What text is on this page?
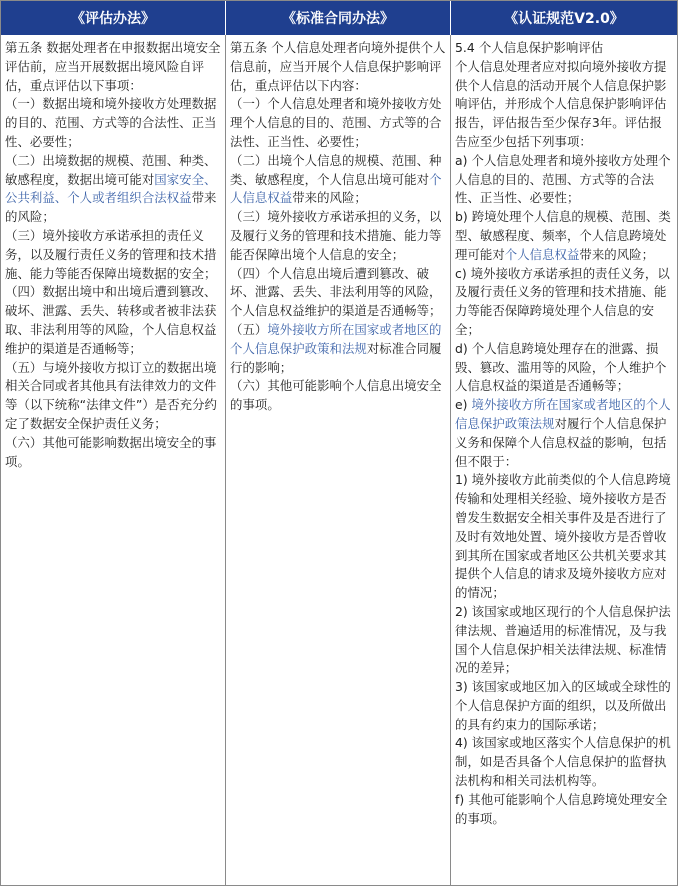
《评估办法》	《标准合同办法》	《认证规范V2.0》

第五条 数据处理者在申报数据出境安全评估前，应当开展数据出境风险自评估，重点评估以下事项：

（一）数据出境和境外接收方处理数据的目的、范围、方式等的合法性、正当性、必要性；

（二）出境数据的规模、范围、种类、敏感程度，数据出境可能对国家安全、公共利益、个人或者组织合法权益带来的风险；

（三）境外接收方承诺承担的责任义务，以及履行责任义务的管理和技术措施、能力等能否保障出境数据的安全；

（四）数据出境中和出境后遭到篡改、破坏、泄露、丢失、转移或者被非法获取、非法利用等的风险，个人信息权益维护的渠道是否通畅等；

（五）与境外接收方拟订立的数据出境相关合同或者其他具有法律效力的文件等（以下统称“法律文件”）是否充分约定了数据安全保护责任义务；

（六）其他可能影响数据出境安全的事项。

第五条 个人信息处理者向境外提供个人信息前，应当开展个人信息保护影响评估，重点评估以下内容：

（一）个人信息处理者和境外接收方处理个人信息的目的、范围、方式等的合法性、正当性、必要性；

（二）出境个人信息的规模、范围、种类、敏感程度，个人信息出境可能对个人信息权益带来的风险；

（三）境外接收方承诺承担的义务，以及履行义务的管理和技术措施、能力等能否保障出境个人信息的安全；

（四）个人信息出境后遭到篡改、破坏、泄露、丢失、非法利用等的风险，个人信息权益维护的渠道是否通畅等；

（五）境外接收方所在国家或者地区的个人信息保护政策和法规对标准合同履行的影响；

（六）其他可能影响个人信息出境安全的事项。

5.4 个人信息保护影响评估

个人信息处理者应对拟向境外接收方提供个人信息的活动开展个人信息保护影响评估，并形成个人信息保护影响评估报告，评估报告至少保存3年。评估报告应至少包括下列事项：

a) 个人信息处理者和境外接收方处理个人信息的目的、范围、方式等的合法性、正当性、必要性；

b) 跨境处理个人信息的规模、范围、类型、敏感程度、频率，个人信息跨境处理可能对个人信息权益带来的风险；

c) 境外接收方承诺承担的责任义务，以及履行责任义务的管理和技术措施、能力等能否保障跨境处理个人信息的安全；

d) 个人信息跨境处理存在的泄露、损毁、篡改、滥用等的风险，个人维护个人信息权益的渠道是否通畅等；

e) 境外接收方所在国家或者地区的个人信息保护政策法规对履行个人信息保护义务和保障个人信息权益的影响，包括但不限于：

1) 境外接收方此前类似的个人信息跨境传输和处理相关经验、境外接收方是否曾发生数据安全相关事件及是否进行了及时有效地处置、境外接收方是否曾收到其所在国家或者地区公共机关要求其提供个人信息的请求及境外接收方应对的情况；

2) 该国家或地区现行的个人信息保护法律法规、普遍适用的标准情况，及与我国个人信息保护相关法律法规、标准情况的差异；

3) 该国家或地区加入的区域或全球性的个人信息保护方面的组织，以及所做出的具有约束力的国际承诺；

4) 该国家或地区落实个人信息保护的机制，如是否具备个人信息保护的监督执法机构和相关司法机构等。

f) 其他可能影响个人信息跨境处理安全的事项。
